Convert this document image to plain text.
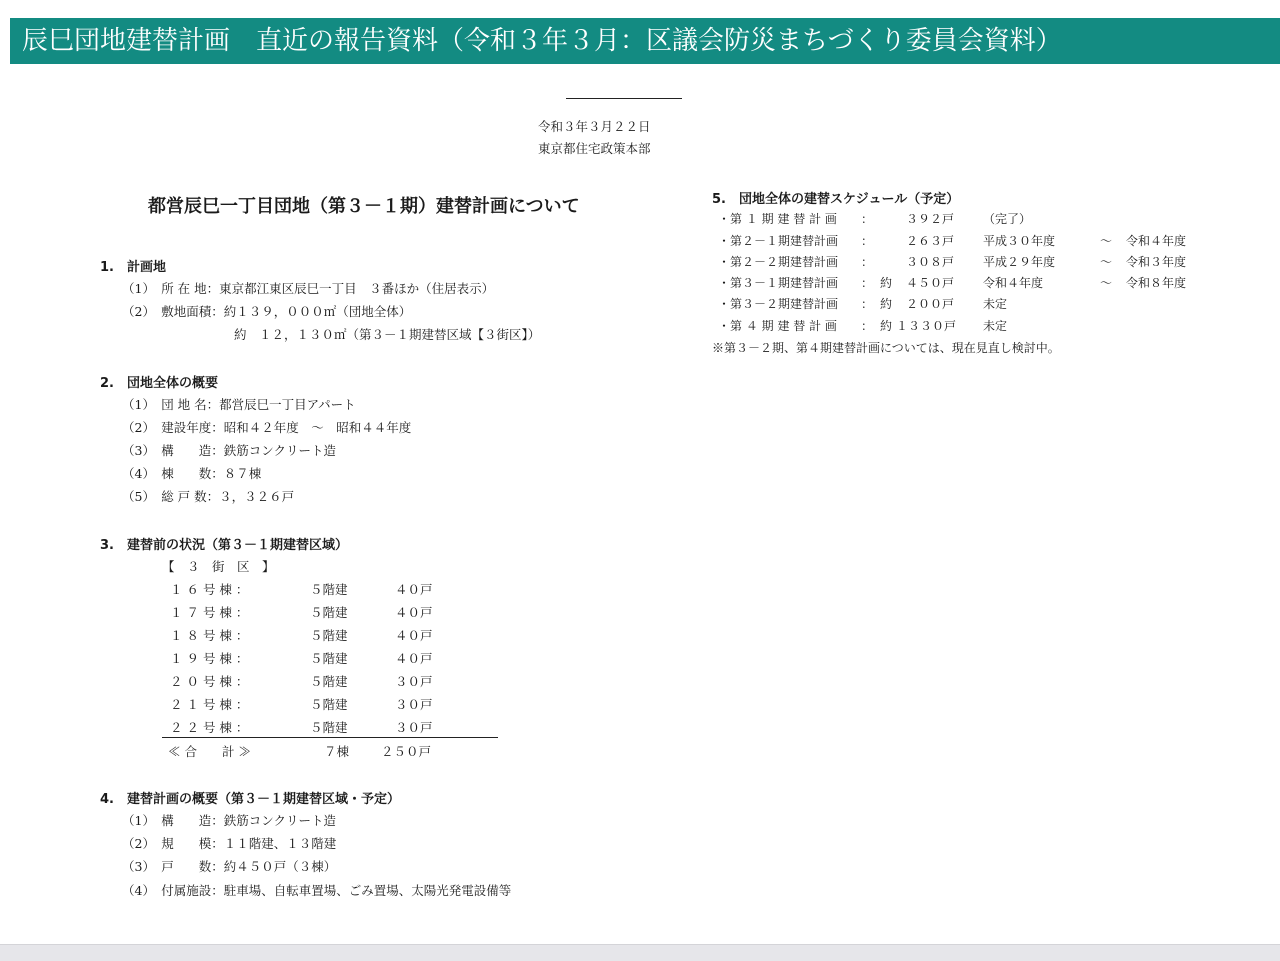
辰巳団地建替計画　直近の報告資料（令和３年３月：区議会防災まちづくり委員会資料）
令和３年３月２２日
東京都住宅政策本部
都営辰巳一丁目団地（第３－１期）建替計画について
1.　計画地
（1）　所 在 地：東京都江東区辰巳一丁目　３番ほか（住居表示）
（2）　敷地面積：約１３９，０００㎡（団地全体）
約　１２，１３０㎡（第３－１期建替区域【３街区】）
2.　団地全体の概要
（1）　団 地 名：都営辰巳一丁目アパート
（2）　建設年度：昭和４２年度　～　昭和４４年度
（3）　構　　造：鉄筋コンクリート造
（4）　棟　　数：８７棟
（5）　総 戸 数：３，３２６戸
3.　建替前の状況（第３－１期建替区域）
【　３　街　区　】
１ ６ 号 棟 ：	５階建	４０戸
１ ７ 号 棟 ：	５階建	４０戸
１ ８ 号 棟 ：	５階建	４０戸
１ ９ 号 棟 ：	５階建	４０戸
２ ０ 号 棟 ：	５階建	３０戸
２ １ 号 棟 ：	５階建	３０戸
２ ２ 号 棟 ：	５階建	３０戸
≪ 合　　計 ≫	７棟	２５０戸
4.　建替計画の概要（第３－１期建替区域・予定）
（1）　構　　造：鉄筋コンクリート造
（2）　規　　模：１１階建、１３階建
（3）　戸　　数：約４５０戸（３棟）
（4）　付属施設：駐車場、自転車置場、ごみ置場、太陽光発電設備等
5.　団地全体の建替スケジュール（予定）
・第 １ 期 建 替 計 画 ：	３９２戸 （完了）
・第２－１期建替計画 ：	２６３戸 平成３０年度	～ 令和４年度
・第２－２期建替計画 ：	３０８戸 平成２９年度	～ 令和３年度
・第３－１期建替計画 ： 約 ４５０戸 令和４年度	～ 令和８年度
・第３－２期建替計画 ： 約 ２００戸 未定
・第 ４ 期 建 替 計 画 ： 約 １３３０戸 未定
※第３－２期、第４期建替計画については、現在見直し検討中。
